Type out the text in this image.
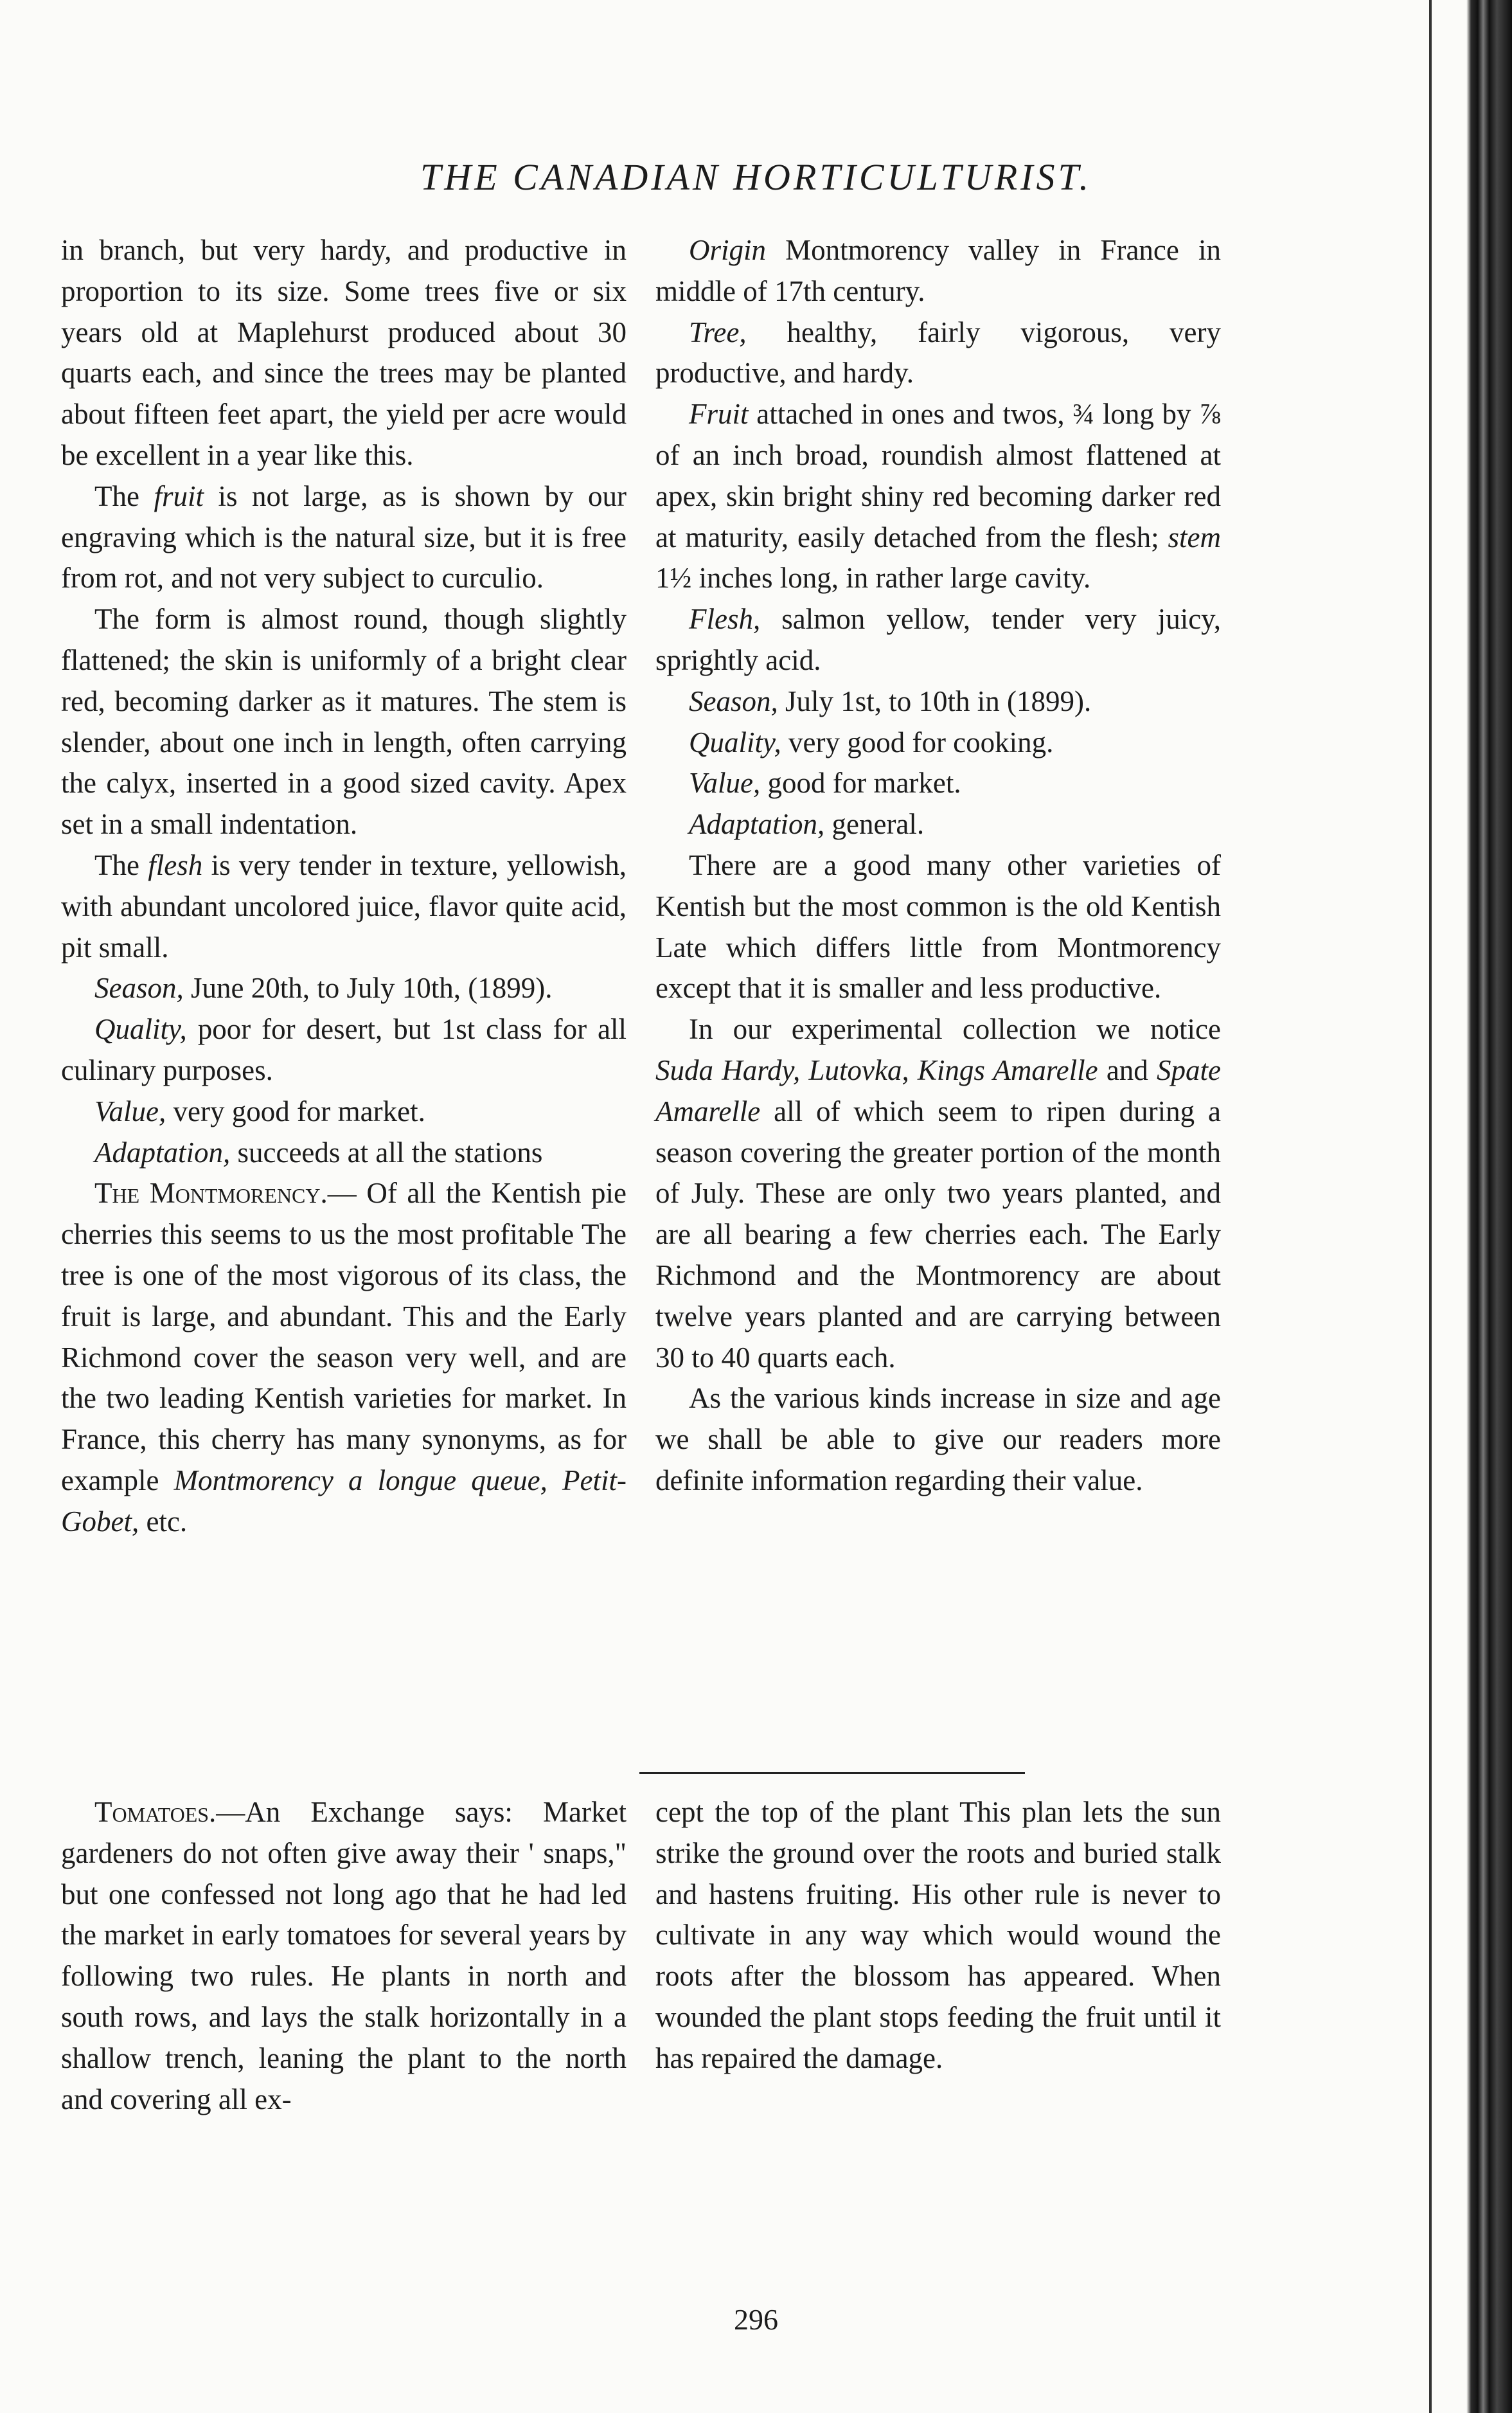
THE CANADIAN HORTICULTURIST.

in branch, but very hardy, and productive in proportion to its size. Some trees five or six years old at Maplehurst produced about 30 quarts each, and since the trees may be planted about fifteen feet apart, the yield per acre would be excellent in a year like this.

The fruit is not large, as is shown by our engraving which is the natural size, but it is free from rot, and not very subject to curculio.

The form is almost round, though slightly flattened; the skin is uniformly of a bright clear red, becoming darker as it matures. The stem is slender, about one inch in length, often carrying the calyx, inserted in a good sized cavity. Apex set in a small indentation.

The flesh is very tender in texture, yellowish, with abundant uncolored juice, flavor quite acid, pit small.

Season, June 20th, to July 10th, (1899).

Quality, poor for desert, but 1st class for all culinary purposes.

Value, very good for market.

Adaptation, succeeds at all the stations

The Montmorency.— Of all the Kentish pie cherries this seems to us the most profitable The tree is one of the most vigorous of its class, the fruit is large, and abundant. This and the Early Richmond cover the season very well, and are the two leading Kentish varieties for market. In France, this cherry has many synonyms, as for example Montmorency a longue queue, Petit-Gobet, etc.

Origin Montmorency valley in France in middle of 17th century.

Tree, healthy, fairly vigorous, very productive, and hardy.

Fruit attached in ones and twos, ¾ long by ⅞ of an inch broad, roundish almost flattened at apex, skin bright shiny red becoming darker red at maturity, easily detached from the flesh; stem 1½ inches long, in rather large cavity.

Flesh, salmon yellow, tender very juicy, sprightly acid.

Season, July 1st, to 10th in (1899).

Quality, very good for cooking.

Value, good for market.

Adaptation, general.

There are a good many other varieties of Kentish but the most common is the old Kentish Late which differs little from Montmorency except that it is smaller and less productive.

In our experimental collection we notice Suda Hardy, Lutovka, Kings Amarelle and Spate Amarelle all of which seem to ripen during a season covering the greater portion of the month of July. These are only two years planted, and are all bearing a few cherries each. The Early Richmond and the Montmorency are about twelve years planted and are carrying between 30 to 40 quarts each.

As the various kinds increase in size and age we shall be able to give our readers more definite information regarding their value.

Tomatoes.—An Exchange says: Market gardeners do not often give away their ' snaps," but one confessed not long ago that he had led the market in early tomatoes for several years by following two rules. He plants in north and south rows, and lays the stalk horizontally in a shallow trench, leaning the plant to the north and covering all ex-

cept the top of the plant This plan lets the sun strike the ground over the roots and buried stalk and hastens fruiting. His other rule is never to cultivate in any way which would wound the roots after the blossom has appeared. When wounded the plant stops feeding the fruit until it has repaired the damage.

296
